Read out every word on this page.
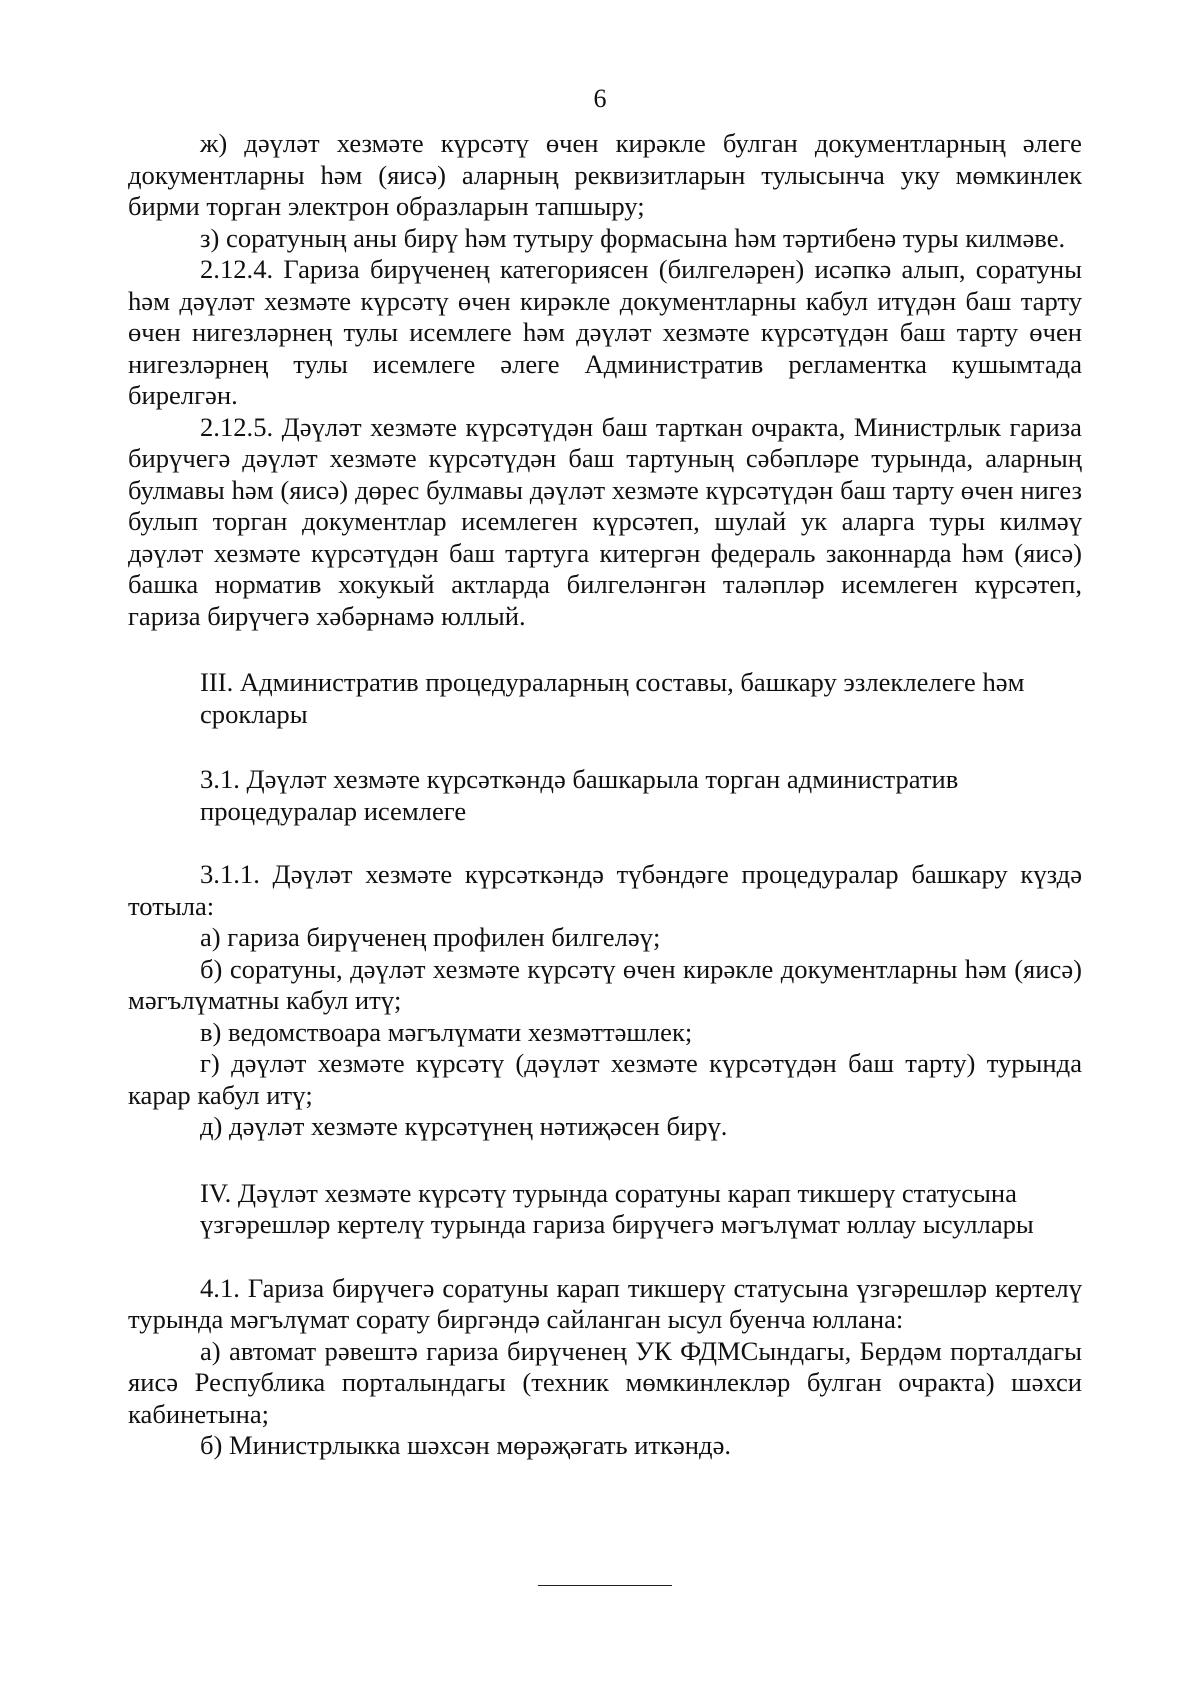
6

ж) дәүләт хезмәте күрсәтү өчен кирәкле булган документларның әлеге документларны һәм (яисә) аларның реквизитларын тулысынча уку мөмкинлек бирми торган электрон образларын тапшыру;

з) соратуның аны бирү һәм тутыру формасына һәм тәртибенә туры килмәве.

2.12.4. Гариза бирүченең категориясен (билгеләрен) исәпкә алып, соратуны һәм дәүләт хезмәте күрсәтү өчен кирәкле документларны кабул итүдән баш тарту өчен нигезләрнең тулы исемлеге һәм дәүләт хезмәте күрсәтүдән баш тарту өчен нигезләрнең тулы исемлеге әлеге Административ регламентка кушымтада бирелгән.

2.12.5. Дәүләт хезмәте күрсәтүдән баш тарткан очракта, Министрлык гариза бирүчегә дәүләт хезмәте күрсәтүдән баш тартуның сәбәпләре турында, аларның булмавы һәм (яисә) дөрес булмавы дәүләт хезмәте күрсәтүдән баш тарту өчен нигез булып торган документлар исемлеген күрсәтеп, шулай ук аларга туры килмәү дәүләт хезмәте күрсәтүдән баш тартуга китергән федераль законнарда һәм (яисә) башка норматив хокукый актларда билгеләнгән таләпләр исемлеген күрсәтеп, гариза бирүчегә хәбәрнамә юллый.

III. Административ процедураларның составы, башкару эзлеклелеге һәм

сроклары

3.1. Дәүләт хезмәте күрсәткәндә башкарыла торган административ

процедуралар исемлеге

3.1.1. Дәүләт хезмәте күрсәткәндә түбәндәге процедуралар башкару күздә тотыла:

а) гариза бирүченең профилен билгеләү;

б) соратуны, дәүләт хезмәте күрсәтү өчен кирәкле документларны һәм (яисә) мәгълүматны кабул итү;

в) ведомствоара мәгълүмати хезмәттәшлек;

г) дәүләт хезмәте күрсәтү (дәүләт хезмәте күрсәтүдән баш тарту) турында карар кабул итү;

д) дәүләт хезмәте күрсәтүнең нәтиҗәсен бирү.

IV. Дәүләт хезмәте күрсәтү турында соратуны карап тикшерү статусына

үзгәрешләр кертелү турында гариза бирүчегә мәгълүмат юллау ысуллары

4.1. Гариза бирүчегә соратуны карап тикшерү статусына үзгәрешләр кертелү турында мәгълүмат сорату биргәндә сайланган ысул буенча юллана:

а) автомат рәвештә гариза бирүченең УК ФДМСындагы, Бердәм порталдагы яисә Республика порталындагы (техник мөмкинлекләр булган очракта) шәхси кабинетына;

б) Министрлыкка шәхсән мөрәҗәгать иткәндә.
